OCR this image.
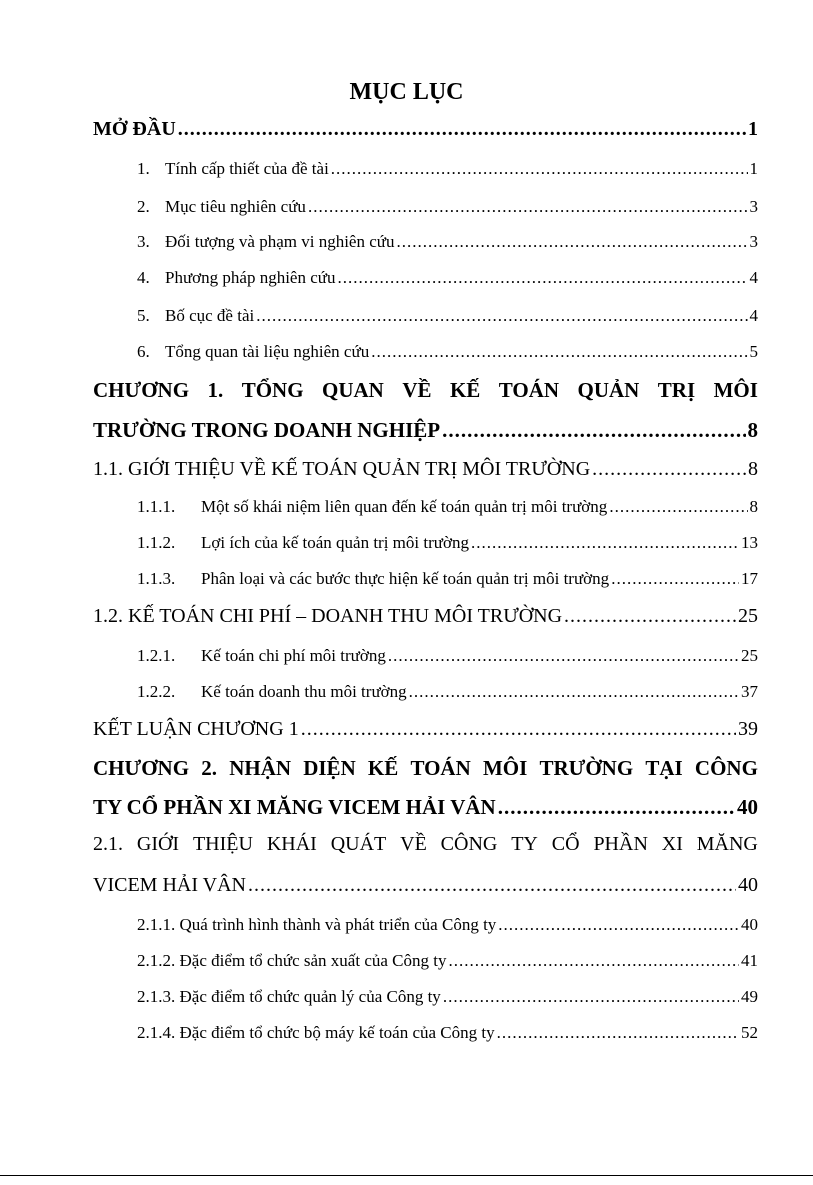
MỤC LỤC
MỞ ĐẦU .....	1
1. Tính cấp thiết của đề tài .....	1
2. Mục tiêu nghiên cứu .....	3
3. Đối tượng và phạm vi nghiên cứu .....	3
4. Phương pháp nghiên cứu .....	4
5. Bố cục đề tài .....	4
6. Tổng quan tài liệu nghiên cứu .....	5
CHƯƠNG 1. TỔNG QUAN VỀ KẾ TOÁN QUẢN TRỊ MÔI
TRƯỜNG TRONG DOANH NGHIỆP .....	8
1.1. GIỚI THIỆU VỀ KẾ TOÁN QUẢN TRỊ MÔI TRƯỜNG .....	8
1.1.1. Một số khái niệm liên quan đến kế toán quản trị môi trường .....	8
1.1.2. Lợi ích của kế toán quản trị môi trường .....	13
1.1.3. Phân loại và các bước thực hiện kế toán quản trị môi trường .....	17
1.2. KẾ TOÁN CHI PHÍ – DOANH THU MÔI TRƯỜNG .....	25
1.2.1. Kế toán chi phí môi trường .....	25
1.2.2. Kế toán doanh thu môi trường .....	37
KẾT LUẬN CHƯƠNG 1 .....	39
CHƯƠNG 2. NHẬN DIỆN KẾ TOÁN MÔI TRƯỜNG TẠI CÔNG
TY CỔ PHẦN XI MĂNG VICEM HẢI VÂN .....	40
2.1. GIỚI THIỆU KHÁI QUÁT VỀ CÔNG TY CỔ PHẦN XI MĂNG
VICEM HẢI VÂN .....	40
2.1.1. Quá trình hình thành và phát triển của Công ty .....	40
2.1.2. Đặc điểm tổ chức sản xuất của Công ty .....	41
2.1.3. Đặc điểm tổ chức quản lý của Công ty .....	49
2.1.4. Đặc điểm tổ chức bộ máy kế toán của Công ty .....	52
